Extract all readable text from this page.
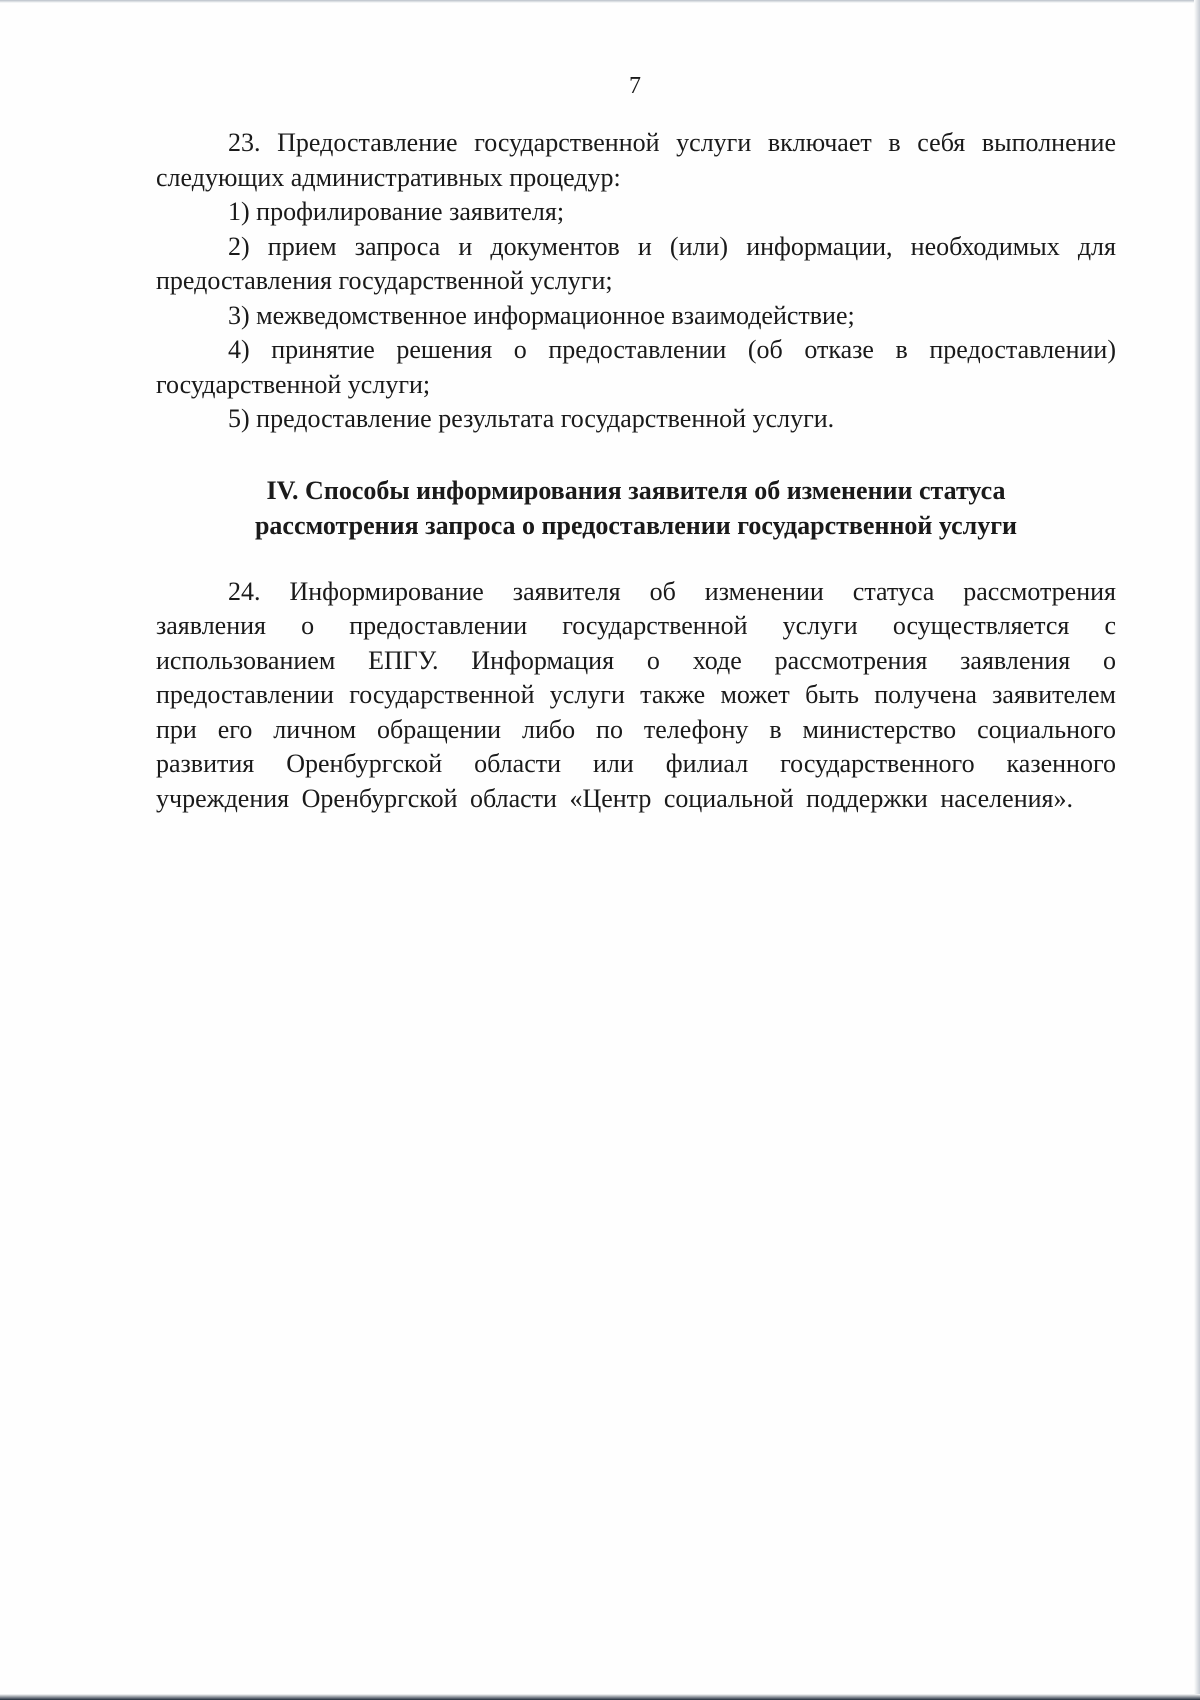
7

23. Предоставление государственной услуги включает в себя выполнение следующих административных процедур:

1) профилирование заявителя;

2) прием запроса и документов и (или) информации, необходимых для предоставления государственной услуги;

3) межведомственное информационное взаимодействие;

4) принятие решения о предоставлении (об отказе в предоставлении) государственной услуги;

5) предоставление результата государственной услуги.

IV. Способы информирования заявителя об изменении статуса
рассмотрения запроса о предоставлении государственной услуги

24. Информирование заявителя об изменении статуса рассмотрения заявления о предоставлении государственной услуги осуществляется с использованием ЕПГУ. Информация о ходе рассмотрения заявления о предоставлении государственной услуги также может быть получена заявителем при его личном обращении либо по телефону в министерство социального развития Оренбургской области или филиал государственного казенного учреждения Оренбургской области «Центр социальной поддержки населения».
